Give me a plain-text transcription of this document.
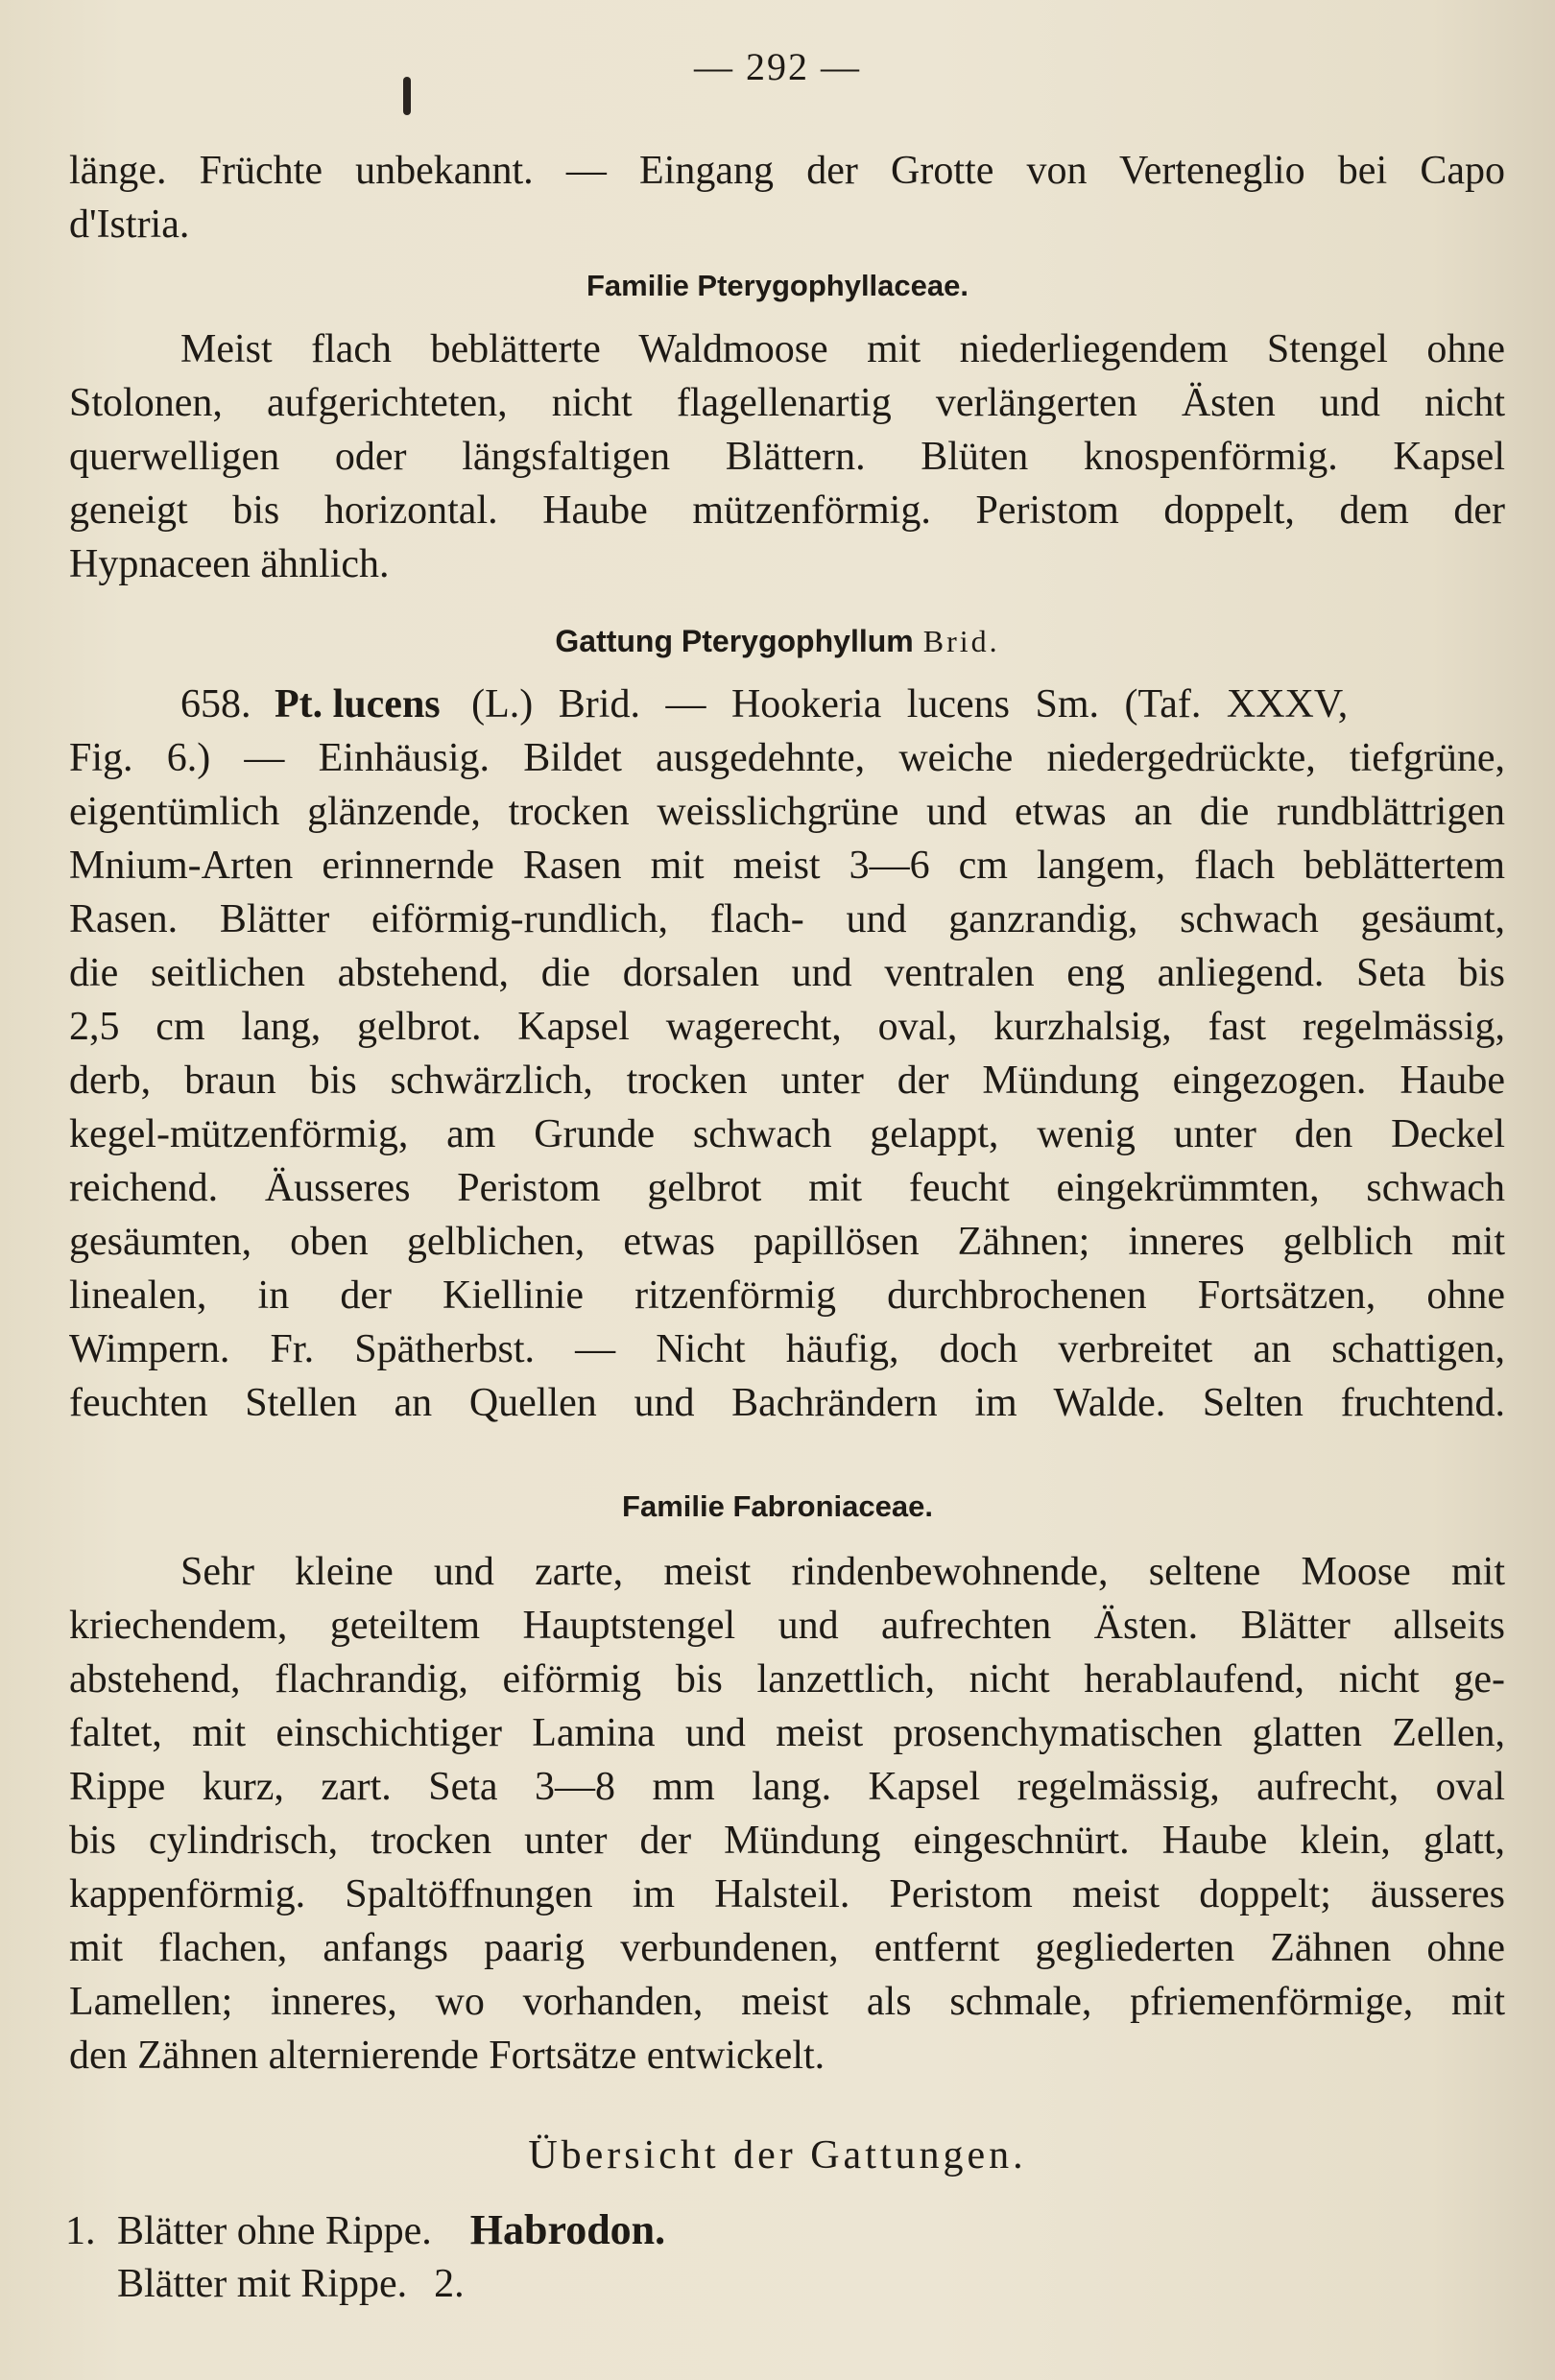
— 292 —
länge. Früchte unbekannt. — Eingang der Grotte von Verteneglio bei Capo
d'Istria.
Familie Pterygophyllaceae.
Meist flach beblätterte Waldmoose mit niederliegendem Stengel ohne
Stolonen, aufgerichteten, nicht flagellenartig verlängerten Ästen und nicht
querwelligen oder längsfaltigen Blättern. Blüten knospenförmig. Kapsel
geneigt bis horizontal. Haube mützenförmig. Peristom doppelt, dem der
Hypnaceen ähnlich.
Gattung Pterygophyllum Brid.
658. Pt. lucens (L.) Brid. — Hookeria lucens Sm. (Taf. XXXV,
Fig. 6.) — Einhäusig. Bildet ausgedehnte, weiche niedergedrückte, tiefgrüne,
eigentümlich glänzende, trocken weisslichgrüne und etwas an die rundblättrigen
Mnium-Arten erinnernde Rasen mit meist 3—6 cm langem, flach beblättertem
Rasen. Blätter eiförmig-rundlich, flach- und ganzrandig, schwach gesäumt,
die seitlichen abstehend, die dorsalen und ventralen eng anliegend. Seta bis
2,5 cm lang, gelbrot. Kapsel wagerecht, oval, kurzhalsig, fast regelmässig,
derb, braun bis schwärzlich, trocken unter der Mündung eingezogen. Haube
kegel-mützenförmig, am Grunde schwach gelappt, wenig unter den Deckel
reichend. Äusseres Peristom gelbrot mit feucht eingekrümmten, schwach
gesäumten, oben gelblichen, etwas papillösen Zähnen; inneres gelblich mit
linealen, in der Kiellinie ritzenförmig durchbrochenen Fortsätzen, ohne
Wimpern. Fr. Spätherbst. — Nicht häufig, doch verbreitet an schattigen,
feuchten Stellen an Quellen und Bachrändern im Walde. Selten fruchtend.
Familie Fabroniaceae.
Sehr kleine und zarte, meist rindenbewohnende, seltene Moose mit
kriechendem, geteiltem Hauptstengel und aufrechten Ästen. Blätter allseits
abstehend, flachrandig, eiförmig bis lanzettlich, nicht herablaufend, nicht ge-
faltet, mit einschichtiger Lamina und meist prosenchymatischen glatten Zellen,
Rippe kurz, zart. Seta 3—8 mm lang. Kapsel regelmässig, aufrecht, oval
bis cylindrisch, trocken unter der Mündung eingeschnürt. Haube klein, glatt,
kappenförmig. Spaltöffnungen im Halsteil. Peristom meist doppelt; äusseres
mit flachen, anfangs paarig verbundenen, entfernt gegliederten Zähnen ohne
Lamellen; inneres, wo vorhanden, meist als schmale, pfriemenförmige, mit
den Zähnen alternierende Fortsätze entwickelt.
Übersicht der Gattungen.
1. Blätter ohne Rippe. Habrodon.
Blätter mit Rippe. 2.
